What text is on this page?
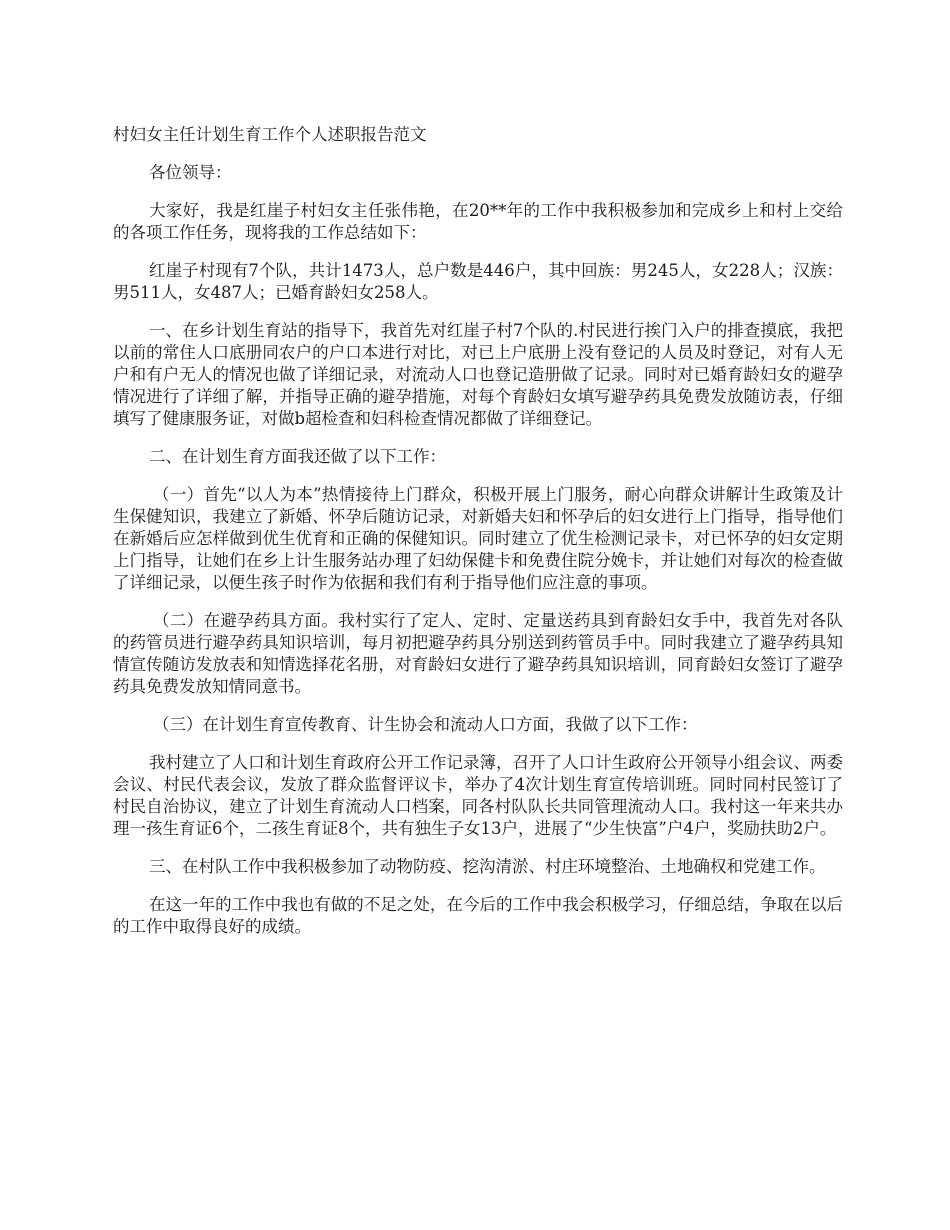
村妇女主任计划生育工作个人述职报告范文

各位领导：

大家好，我是红崖子村妇女主任张伟艳，在20**年的工作中我积极参加和完成乡上和村上交给的各项工作任务，现将我的工作总结如下：

红崖子村现有7个队，共计1473人，总户数是446户，其中回族：男245人，女228人；汉族：男511人，女487人；已婚育龄妇女258人。

一、在乡计划生育站的指导下，我首先对红崖子村7个队的.村民进行挨门入户的排查摸底，我把以前的常住人口底册同农户的户口本进行对比，对已上户底册上没有登记的人员及时登记，对有人无户和有户无人的情况也做了详细记录，对流动人口也登记造册做了记录。同时对已婚育龄妇女的避孕情况进行了详细了解，并指导正确的避孕措施，对每个育龄妇女填写避孕药具免费发放随访表，仔细填写了健康服务证，对做b超检查和妇科检查情况都做了详细登记。

二、在计划生育方面我还做了以下工作：

（一）首先“以人为本”热情接待上门群众，积极开展上门服务，耐心向群众讲解计生政策及计生保健知识，我建立了新婚、怀孕后随访记录，对新婚夫妇和怀孕后的妇女进行上门指导，指导他们在新婚后应怎样做到优生优育和正确的保健知识。同时建立了优生检测记录卡，对已怀孕的妇女定期上门指导，让她们在乡上计生服务站办理了妇幼保健卡和免费住院分娩卡，并让她们对每次的检查做了详细记录，以便生孩子时作为依据和我们有利于指导他们应注意的事项。

（二）在避孕药具方面。我村实行了定人、定时、定量送药具到育龄妇女手中，我首先对各队的药管员进行避孕药具知识培训，每月初把避孕药具分别送到药管员手中。同时我建立了避孕药具知情宣传随访发放表和知情选择花名册，对育龄妇女进行了避孕药具知识培训，同育龄妇女签订了避孕药具免费发放知情同意书。

（三）在计划生育宣传教育、计生协会和流动人口方面，我做了以下工作：

我村建立了人口和计划生育政府公开工作记录簿，召开了人口计生政府公开领导小组会议、两委会议、村民代表会议，发放了群众监督评议卡，举办了4次计划生育宣传培训班。同时同村民签订了村民自治协议，建立了计划生育流动人口档案，同各村队队长共同管理流动人口。我村这一年来共办理一孩生育证6个，二孩生育证8个，共有独生子女13户，进展了“少生快富”户4户，奖励扶助2户。

三、在村队工作中我积极参加了动物防疫、挖沟清淤、村庄环境整治、土地确权和党建工作。

在这一年的工作中我也有做的不足之处，在今后的工作中我会积极学习，仔细总结，争取在以后的工作中取得良好的成绩。
